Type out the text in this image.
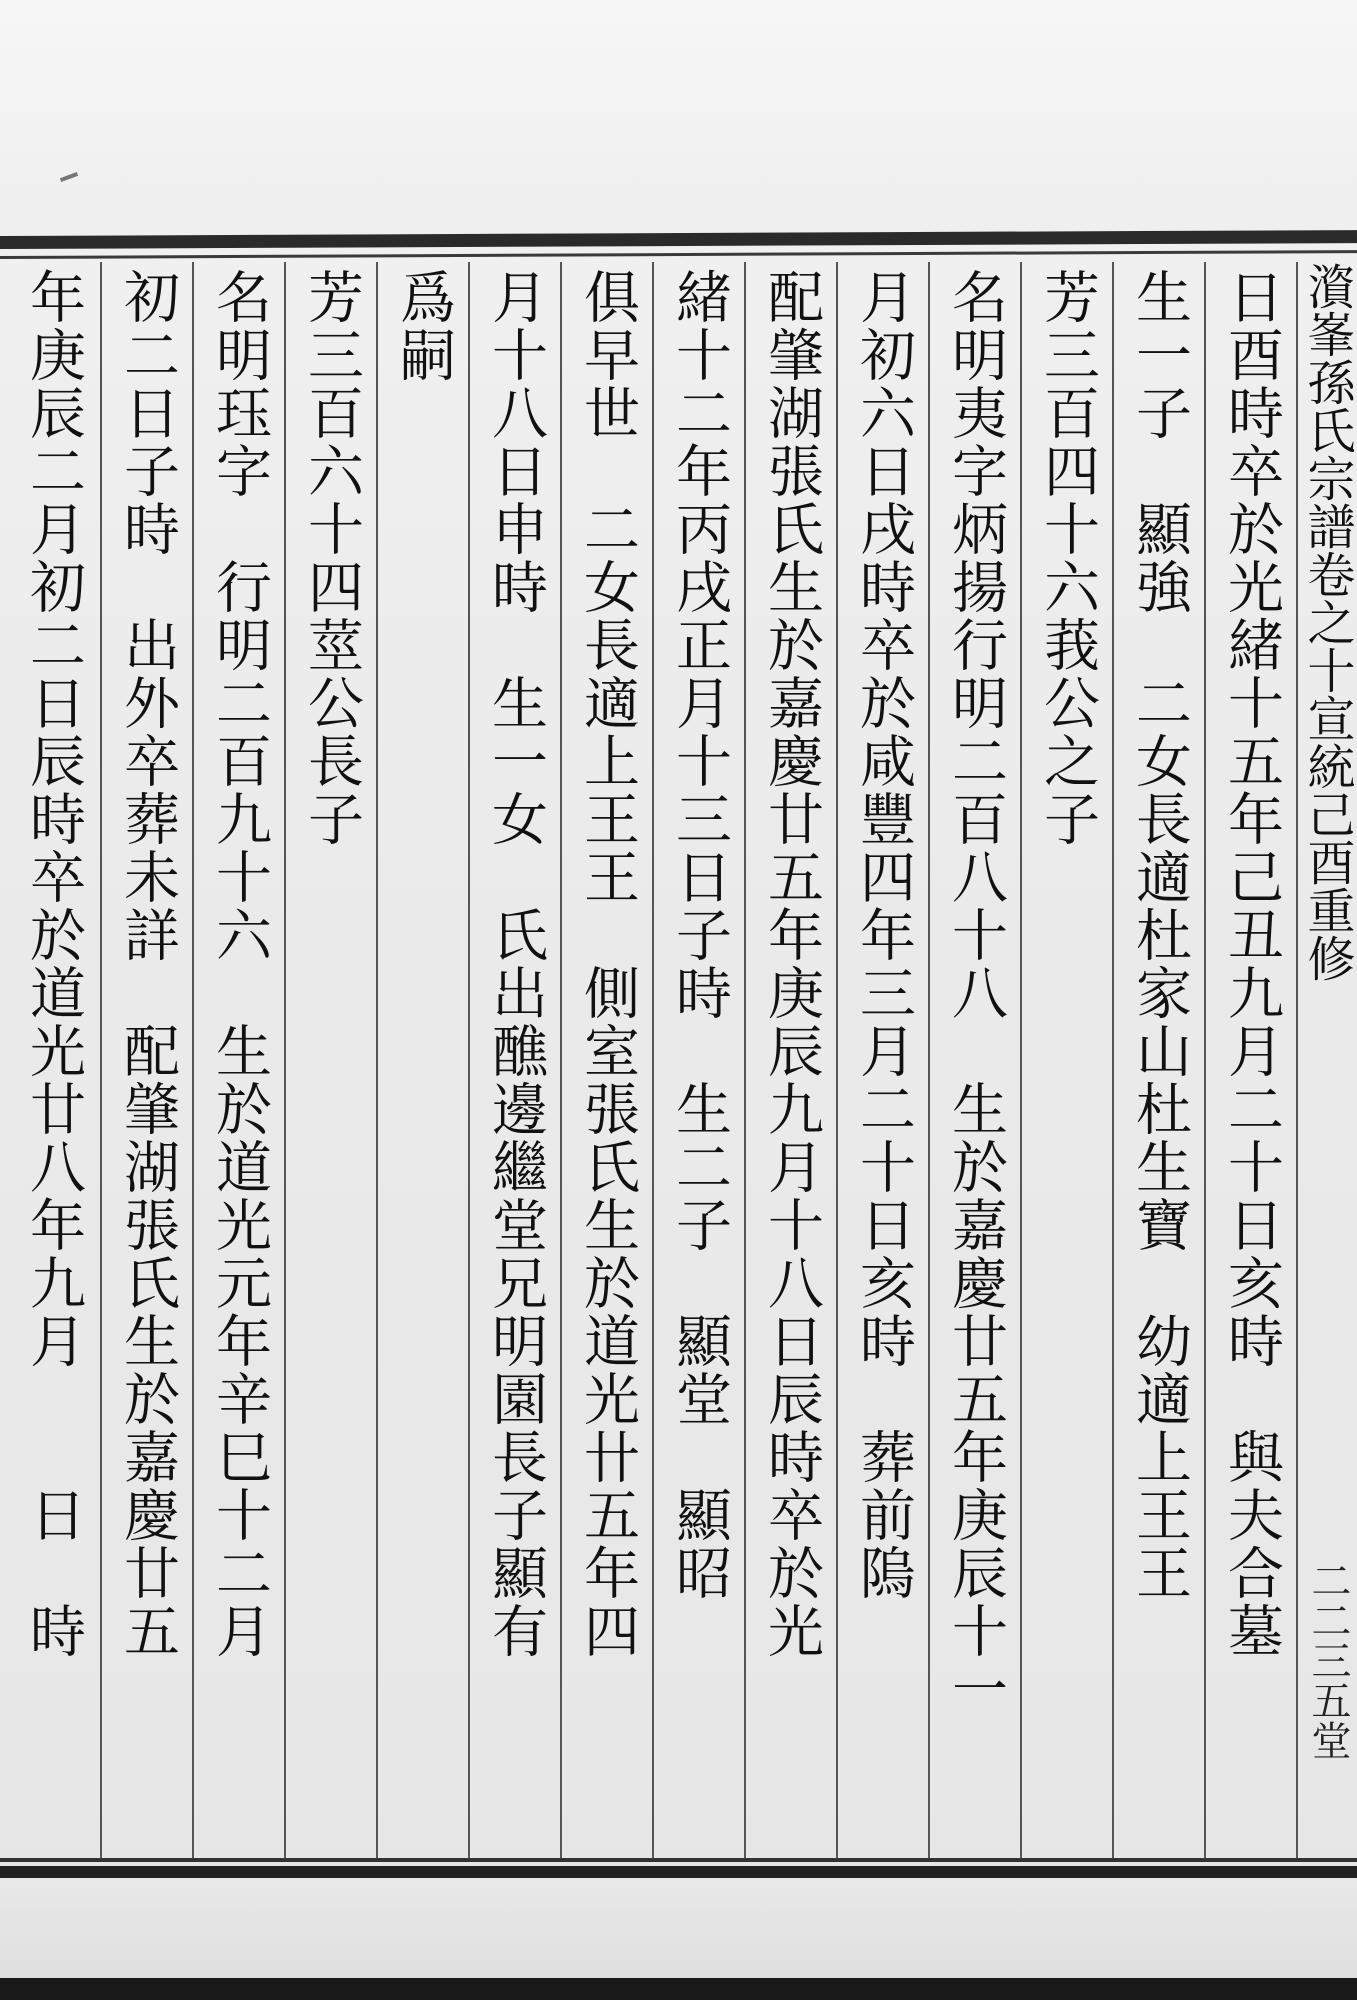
澬峯孫氏宗譜卷之十宣統己酉重修
二二三五堂
日酉時卒於光緒十五年己丑九月二十日亥時　與夫合墓
生一子　顯強　二女長適杜家山杜生寶　幼適上王王
芳三百四十六莪公之子
名明夷字炳揚行明二百八十八　生於嘉慶廿五年庚辰十一
月初六日戌時卒於咸豐四年三月二十日亥時　葬前隖
配肇湖張氏生於嘉慶廿五年庚辰九月十八日辰時卒於光
緒十二年丙戌正月十三日子時　生二子　顯堂　顯昭
俱早世　二女長適上王王　側室張氏生於道光卄五年四
月十八日申時　生一女　氏出醮邊繼堂兄明園長子顯有
爲嗣
芳三百六十四莖公長子
名明珏字　行明二百九十六　生於道光元年辛巳十二月
初二日子時　出外卒葬未詳　配肇湖張氏生於嘉慶廿五
年庚辰二月初二日辰時卒於道光廿八年九月　　日　時
